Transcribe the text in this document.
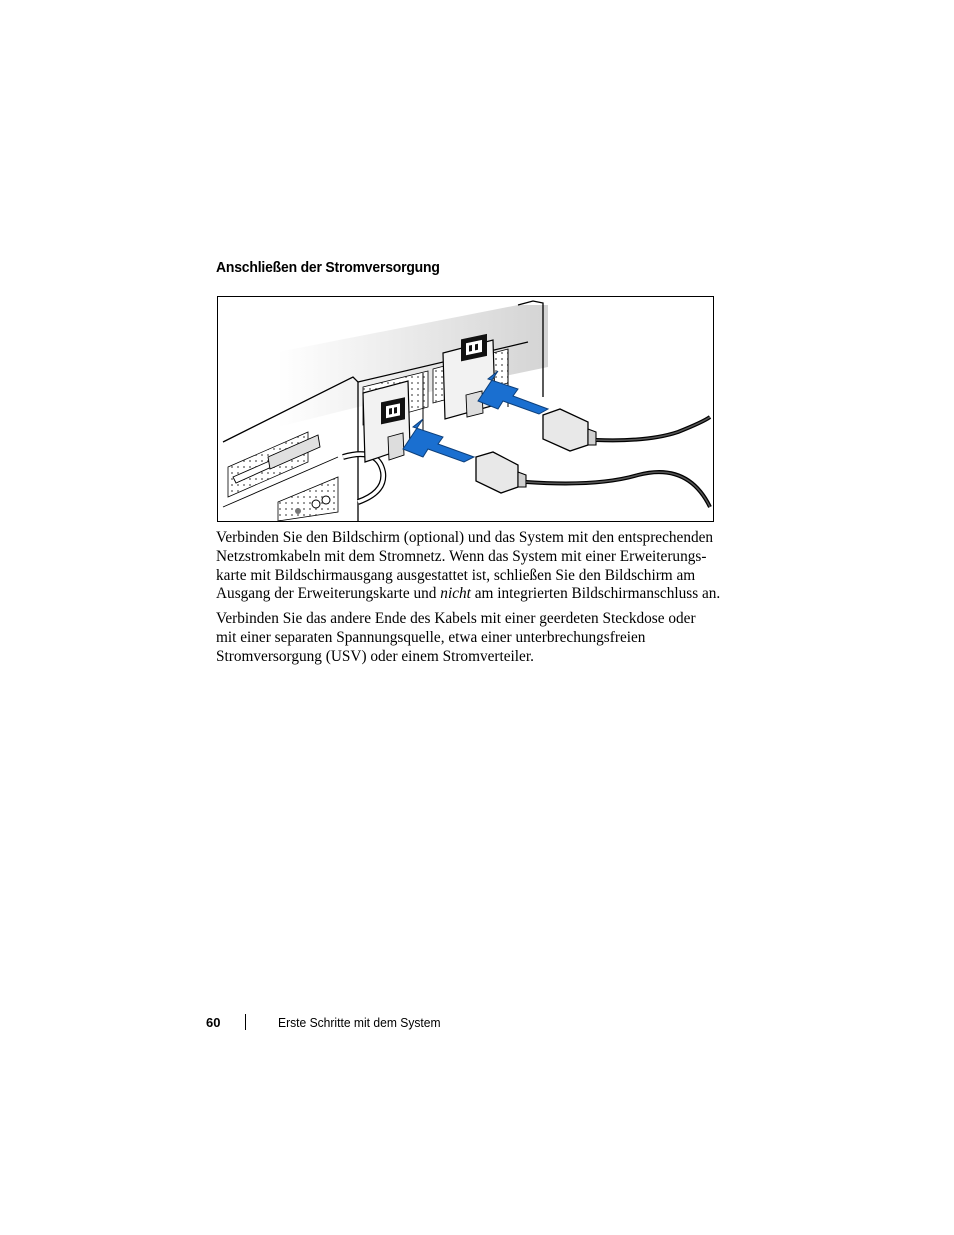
Anschließen der Stromversorgung

Verbinden Sie den Bildschirm (optional) und das System mit den entsprechenden
Netzstromkabeln mit dem Stromnetz. Wenn das System mit einer Erweiterungs-
karte mit Bildschirmausgang ausgestattet ist, schließen Sie den Bildschirm am
Ausgang der Erweiterungskarte und nicht am integrierten Bildschirmanschluss an.

Verbinden Sie das andere Ende des Kabels mit einer geerdeten Steckdose oder
mit einer separaten Spannungsquelle, etwa einer unterbrechungsfreien
Stromversorgung (USV) oder einem Stromverteiler.

60	Erste Schritte mit dem System
